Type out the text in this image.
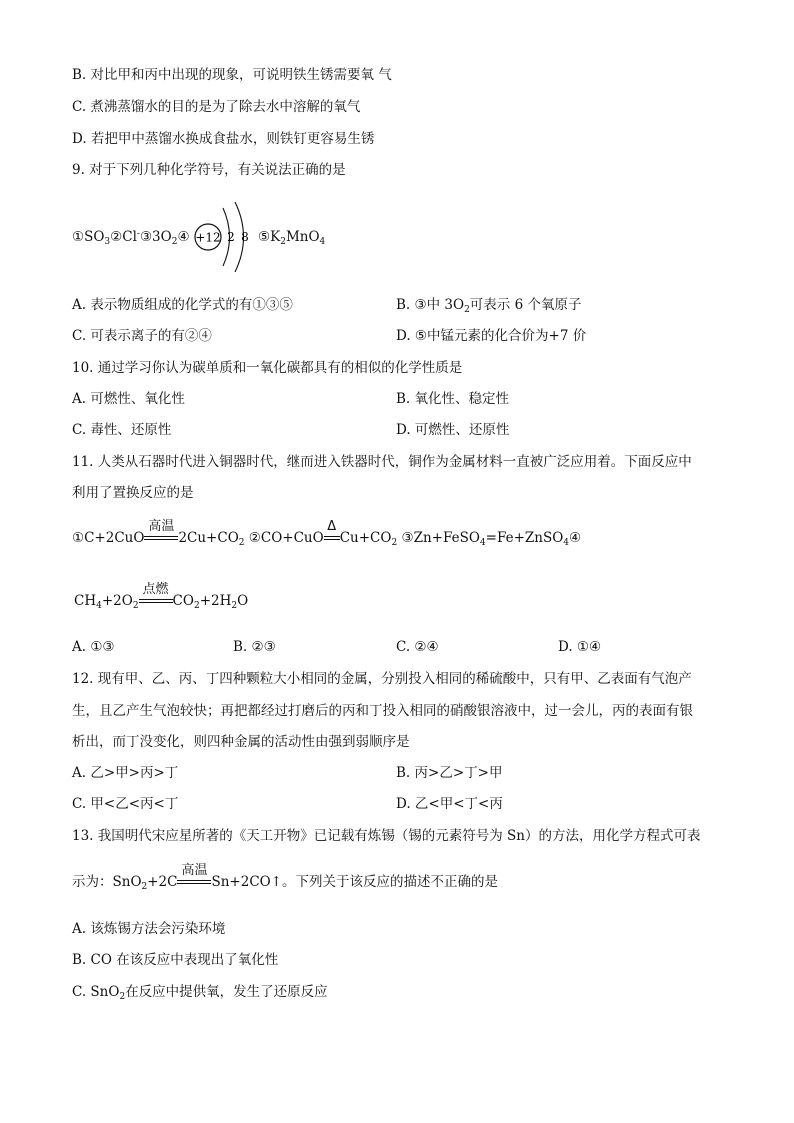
B. 对比甲和丙中出现的现象，可说明铁生锈需要氧 气
C. 煮沸蒸馏水的目的是为了除去水中溶解的氧气
D. 若把甲中蒸馏水换成食盐水，则铁钉更容易生锈
9. 对于下列几种化学符号，有关说法正确的是
$①SO_3②Cl^-③3O_2④ +12$ 2 8 $⑤K_2MnO_4$
A. 表示物质组成的化学式的有①③⑤	B. ③中 $3O_2$可表示 6 个氧原子
C. 可表示离子的有②④	D. ⑤中锰元素的化合价为+7 价
10. 通过学习你认为碳单质和一氧化碳都具有的相似的化学性质是
A. 可燃性、氧化性	B. 氧化性、稳定性
C. 毒性、还原性	D. 可燃性、还原性
11. 人类从石器时代进入铜器时代，继而进入铁器时代，铜作为金属材料一直被广泛应用着。下面反应中
利用了置换反应的是
①C+2CuO
高温
$2Cu+CO_2$ ②CO+CuO
Δ
$Cu+CO_2$ ③Zn+FeSO$_4$=Fe+ZnSO$_4$④
$CH_4+2O_2$
点燃
$CO_2+2H_2O$
A. ①③	B. ②③	C. ②④	D. ①④
12. 现有甲、乙、丙、丁四种颗粒大小相同的金属，分别投入相同的稀硫酸中，只有甲、乙表面有气泡产
生，且乙产生气泡较快；再把都经过打磨后的丙和丁投入相同的硝酸银溶液中，过一会儿，丙的表面有银
析出，而丁没变化，则四种金属的活动性由强到弱顺序是
A. 乙>甲>丙>丁	B. 丙>乙>丁>甲
C. 甲<乙<丙<丁	D. 乙<甲<丁<丙
13. 我国明代宋应星所著的《天工开物》已记载有炼锡（锡的元素符号为 Sn）的方法，用化学方程式可表
示为：SnO$_2$+2C
高温
Sn+2CO↑。下列关于该反应的描述不正确的是
A. 该炼锡方法会污染环境
B. CO 在该反应中表现出了氧化性
C. SnO$_2$在反应中提供氧，发生了还原反应
